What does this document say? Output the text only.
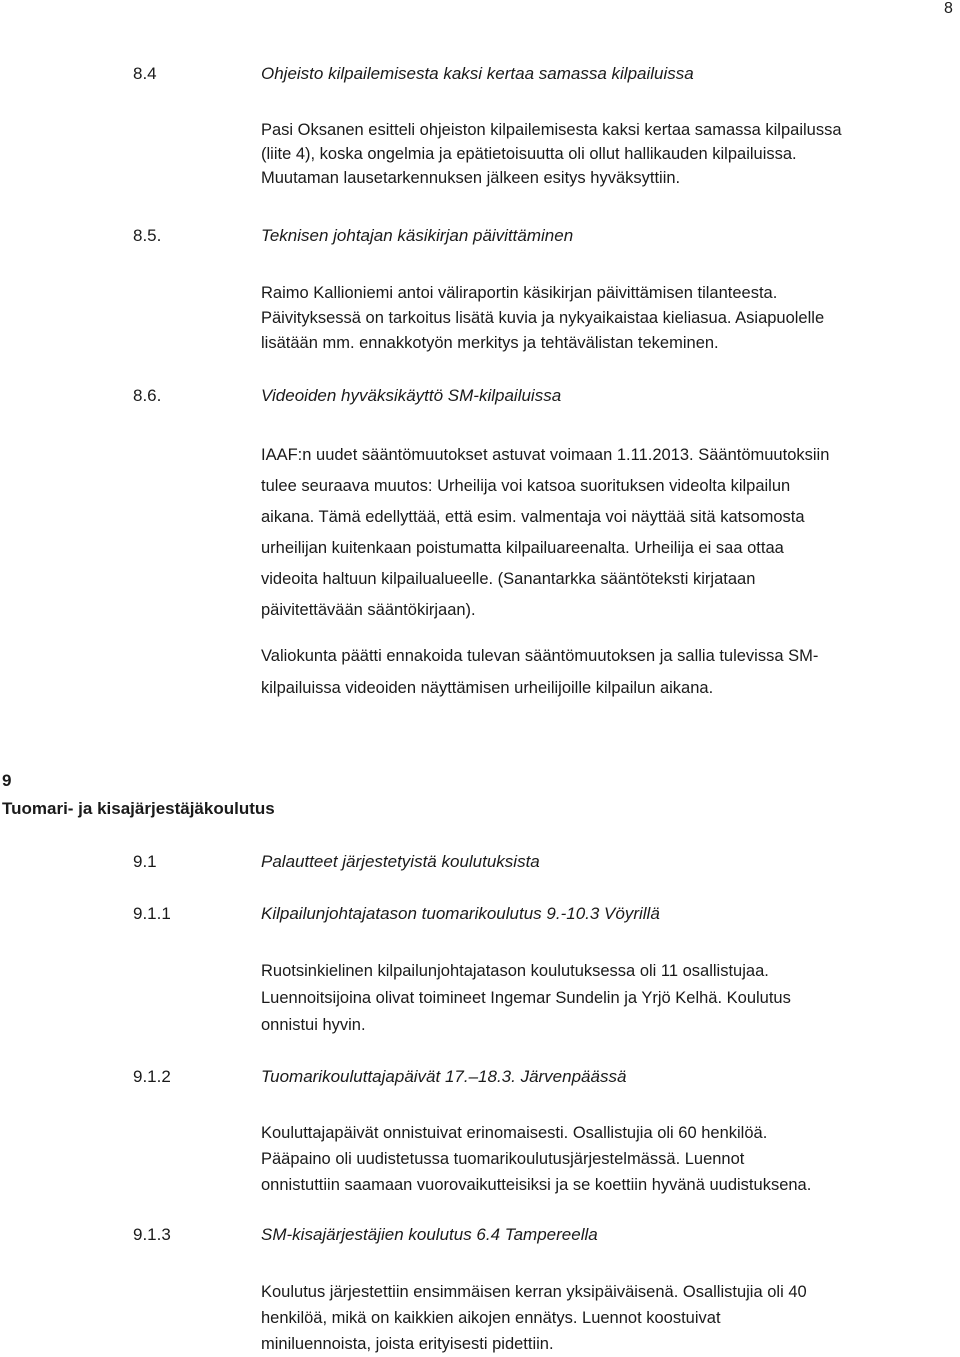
8
8.4	Ohjeisto kilpailemisesta kaksi kertaa samassa kilpailuissa
Pasi Oksanen esitteli ohjeiston kilpailemisesta kaksi kertaa samassa kilpailussa
(liite 4), koska ongelmia ja epätietoisuutta oli ollut hallikauden kilpailuissa.
Muutaman lausetarkennuksen jälkeen esitys hyväksyttiin.
8.5.	Teknisen johtajan käsikirjan päivittäminen
Raimo Kallioniemi antoi väliraportin käsikirjan päivittämisen tilanteesta.
Päivityksessä on tarkoitus lisätä kuvia ja nykyaikaistaa kieliasua. Asiapuolelle
lisätään mm. ennakkotyön merkitys ja tehtävälistan tekeminen.
8.6.	Videoiden hyväksikäyttö SM-kilpailuissa
IAAF:n uudet sääntömuutokset astuvat voimaan 1.11.2013. Sääntömuutoksiin
tulee seuraava muutos: Urheilija voi katsoa suorituksen videolta kilpailun
aikana. Tämä edellyttää, että esim. valmentaja voi näyttää sitä katsomosta
urheilijan kuitenkaan poistumatta kilpailuareenalta. Urheilija ei saa ottaa
videoita haltuun kilpailualueelle. (Sanantarkka sääntöteksti kirjataan
päivitettävään sääntökirjaan).
Valiokunta päätti ennakoida tulevan sääntömuutoksen ja sallia tulevissa SM-
kilpailuissa videoiden näyttämisen urheilijoille kilpailun aikana.
9
Tuomari- ja kisajärjestäjäkoulutus
9.1	Palautteet järjestetyistä koulutuksista
9.1.1	Kilpailunjohtajatason tuomarikoulutus 9.-10.3 Vöyrillä
Ruotsinkielinen kilpailunjohtajatason koulutuksessa oli 11 osallistujaa.
Luennoitsijoina olivat toimineet Ingemar Sundelin ja Yrjö Kelhä. Koulutus
onnistui hyvin.
9.1.2	Tuomarikouluttajapäivät 17.–18.3. Järvenpäässä
Kouluttajapäivät onnistuivat erinomaisesti. Osallistujia oli 60 henkilöä.
Pääpaino oli uudistetussa tuomarikoulutusjärjestelmässä. Luennot
onnistuttiin saamaan vuorovaikutteisiksi ja se koettiin hyvänä uudistuksena.
9.1.3	SM-kisajärjestäjien koulutus 6.4 Tampereella
Koulutus järjestettiin ensimmäisen kerran yksipäiväisenä. Osallistujia oli 40
henkilöä, mikä on kaikkien aikojen ennätys. Luennot koostuivat
miniluennoista, joista erityisesti pidettiin.
